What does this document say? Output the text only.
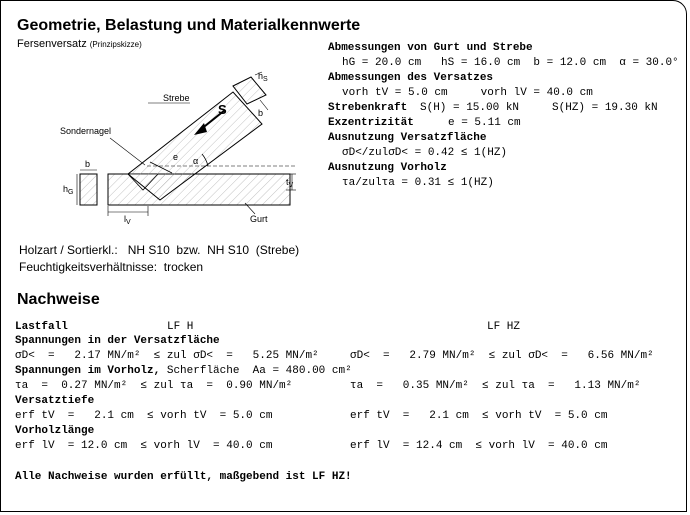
Geometrie, Belastung und Materialkennwerte
Fersenversatz (Prinzipskizze)
Strebe
Sondernagel
Gurt
S
e α
b
$h_S$
b
$h_G$
$t_V$
$l_V$
Abmessungen von Gurt und Strebe
hG = 20.0 cm   hS = 16.0 cm  b = 12.0 cm  α = 30.0°
Abmessungen des Versatzes
vorh tV = 5.0 cm     vorh lV = 40.0 cm
Strebenkraft S(H) = 15.00 kN     S(HZ) = 19.30 kN
Exzentrizität	e = 5.11 cm
Ausnutzung Versatzfläche
σD</zulσD< = 0.42 ≤ 1(HZ)
Ausnutzung Vorholz
τa/zulτa = 0.31 ≤ 1(HZ)
Holzart / Sortierkl.: NH S10  bzw.  NH S10  (Strebe)
Feuchtigkeitsverhältnisse: trocken
Nachweise
Lastfall	LF H	LF HZ
Spannungen in der Versatzfläche
σD<  =   2.17 MN/m²  ≤ zul σD<  =   5.25 MN/m²	σD<  =   2.79 MN/m²  ≤ zul σD<  =   6.56 MN/m²
Spannungen im Vorholz, Scherfläche  Aa = 480.00 cm²
τa  =  0.27 MN/m²  ≤ zul τa  =  0.90 MN/m²	τa  =   0.35 MN/m²  ≤ zul τa  =   1.13 MN/m²
Versatztiefe
erf tV  =   2.1 cm  ≤ vorh tV  = 5.0 cm	erf tV  =   2.1 cm  ≤ vorh tV  = 5.0 cm
Vorholzlänge
erf lV  = 12.0 cm  ≤ vorh lV  = 40.0 cm	erf lV  = 12.4 cm  ≤ vorh lV  = 40.0 cm
Alle Nachweise wurden erfüllt, maßgebend ist LF HZ!
